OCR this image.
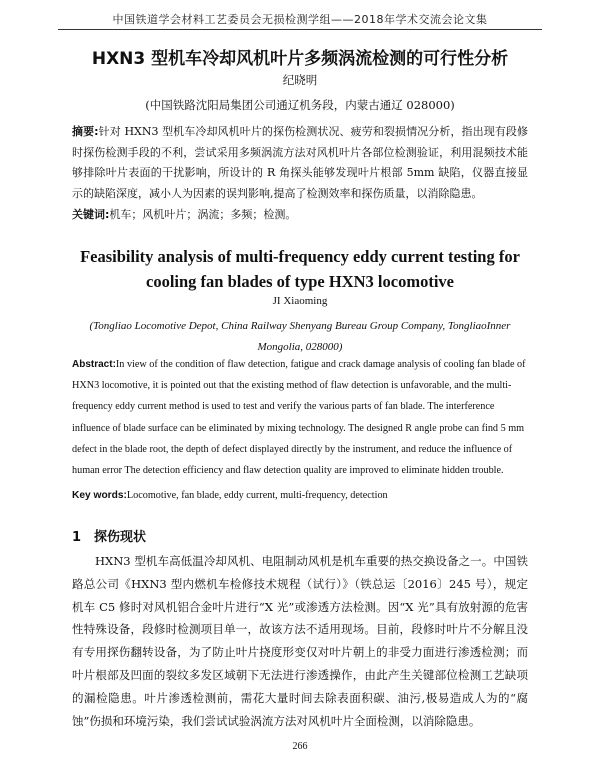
中国铁道学会材料工艺委员会无损检测学组——2018年学术交流会论文集
HXN3 型机车冷却风机叶片多频涡流检测的可行性分析
纪晓明
(中国铁路沈阳局集团公司通辽机务段，内蒙古通辽 028000)
摘要:针对 HXN3 型机车冷却风机叶片的探伤检测状况、疲劳和裂损情况分析，指出现有段修时探伤检测手段的不利，尝试采用多频涡流方法对风机叶片各部位检测验证，利用混频技术能够排除叶片表面的干扰影响，所设计的 R 角探头能够发现叶片根部 5mm 缺陷，仪器直接显示的缺陷深度，减小人为因素的误判影响,提高了检测效率和探伤质量，以消除隐患。
关键词:机车；风机叶片；涡流；多频；检测。
Feasibility analysis of multi-frequency eddy current testing for cooling fan blades of type HXN3 locomotive
JI Xiaoming
(Tongliao Locomotive Depot, China Railway Shenyang Bureau Group Company, TongliaoInner Mongolia, 028000)
Abstract:In view of the condition of flaw detection, fatigue and crack damage analysis of cooling fan blade of HXN3 locomotive, it is pointed out that the existing method of flaw detection is unfavorable, and the multi-frequency eddy current method is used to test and verify the various parts of fan blade. The interference influence of blade surface can be eliminated by mixing technology. The designed R angle probe can find 5 mm defect in the blade root, the depth of defect displayed directly by the instrument, and reduce the influence of human error The detection efficiency and flaw detection quality are improved to eliminate hidden trouble.
Key words:Locomotive, fan blade, eddy current, multi-frequency, detection
1 探伤现状
HXN3 型机车高低温冷却风机、电阻制动风机是机车重要的热交换设备之一。中国铁路总公司《HXN3 型内燃机车检修技术规程（试行）》（铁总运〔2016〕245 号），规定机车 C5 修时对风机铝合金叶片进行“X 光”或渗透方法检测。因“X 光”具有放射源的危害性特殊设备，段修时检测项目单一，故该方法不适用现场。目前，段修时叶片不分解且没有专用探伤翻转设备，为了防止叶片挠度形变仅对叶片朝上的非受力面进行渗透检测；而叶片根部及凹面的裂纹多发区域朝下无法进行渗透操作，由此产生关键部位检测工艺缺项的漏检隐患。叶片渗透检测前，需花大量时间去除表面积碳、油污,极易造成人为的“腐蚀”伤损和环境污染，我们尝试试验涡流方法对风机叶片全面检测，以消除隐患。
266
